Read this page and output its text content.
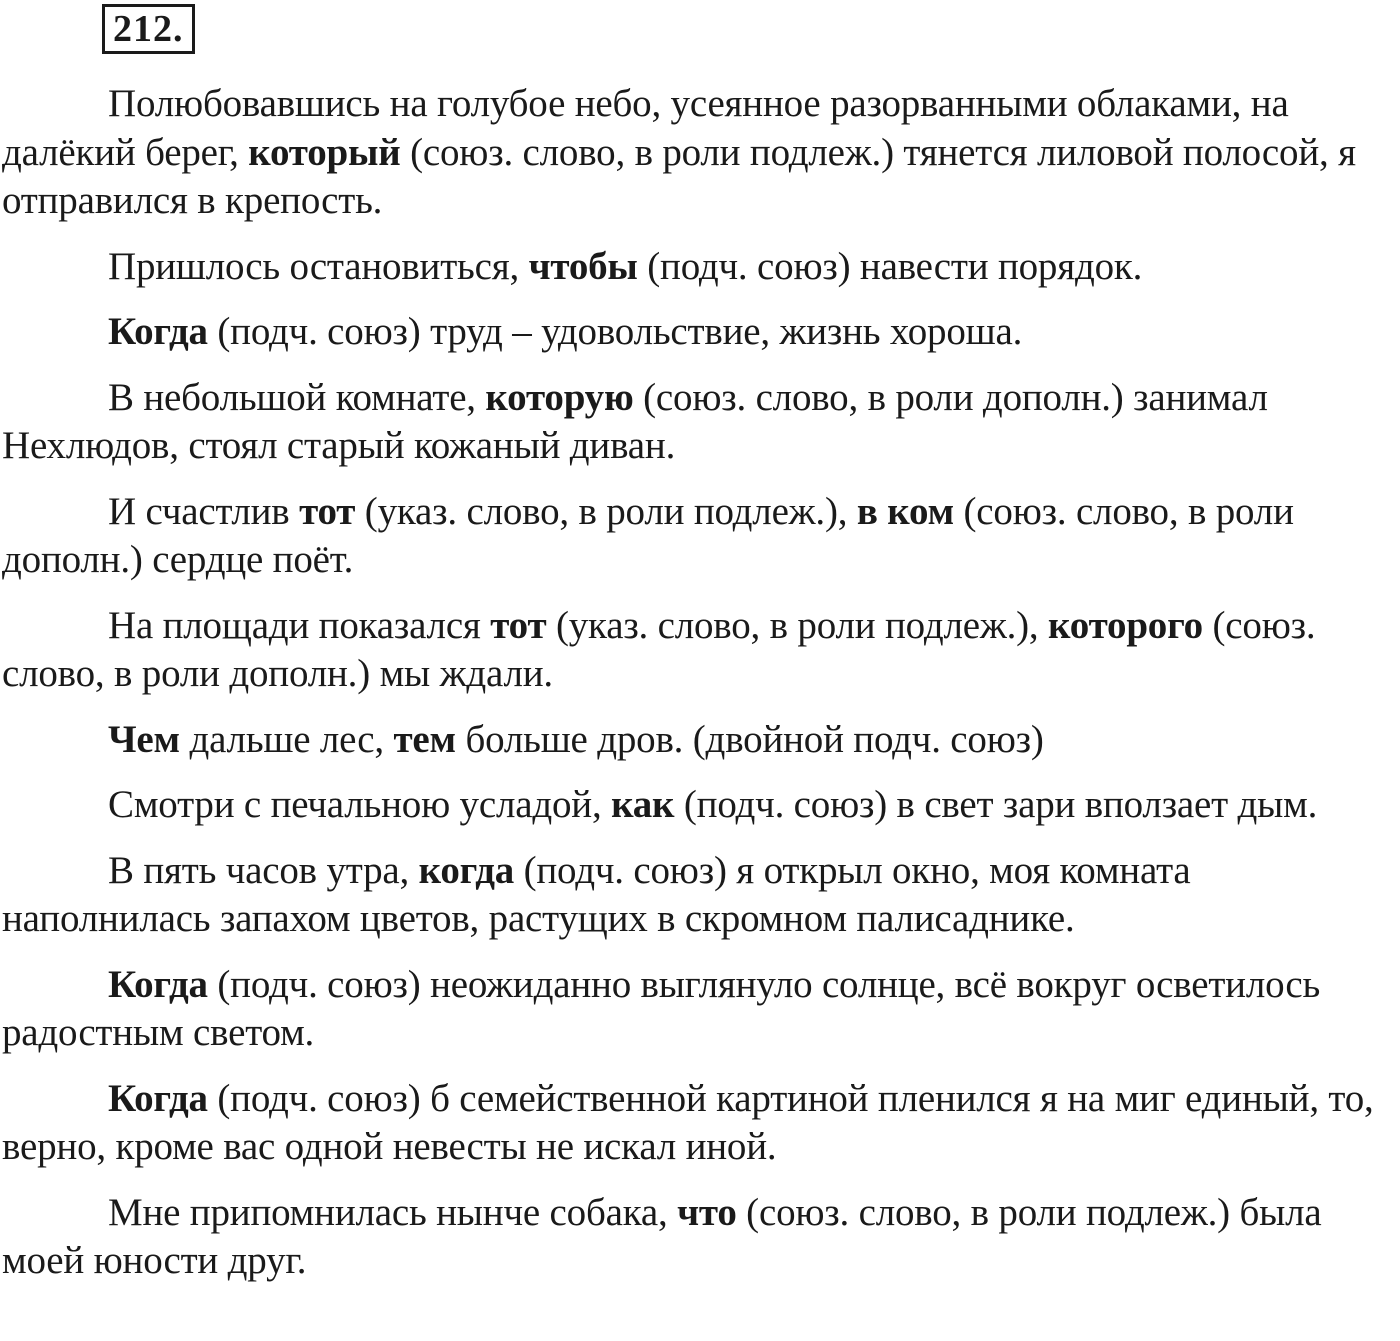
212.

Полюбовавшись на голубое небо, усеянное разорванными облаками, на далёкий берег, который (союз. слово, в роли подлеж.) тянется лиловой полосой, я отправился в крепость.

Пришлось остановиться, чтобы (подч. союз) навести порядок.

Когда (подч. союз) труд – удовольствие, жизнь хороша.

В небольшой комнате, которую (союз. слово, в роли дополн.) занимал Нехлюдов, стоял старый кожаный диван.

И счастлив тот (указ. слово, в роли подлеж.), в ком (союз. слово, в роли дополн.) сердце поёт.

На площади показался тот (указ. слово, в роли подлеж.), которого (союз. слово, в роли дополн.) мы ждали.

Чем дальше лес, тем больше дров. (двойной подч. союз)

Смотри с печальною усладой, как (подч. союз) в свет зари вползает дым.

В пять часов утра, когда (подч. союз) я открыл окно, моя комната наполнилась запахом цветов, растущих в скромном палисаднике.

Когда (подч. союз) неожиданно выглянуло солнце, всё вокруг осветилось радостным светом.

Когда (подч. союз) б семейственной картиной пленился я на миг единый, то, верно, кроме вас одной невесты не искал иной.

Мне припомнилась нынче собака, что (союз. слово, в роли подлеж.) была моей юности друг.
